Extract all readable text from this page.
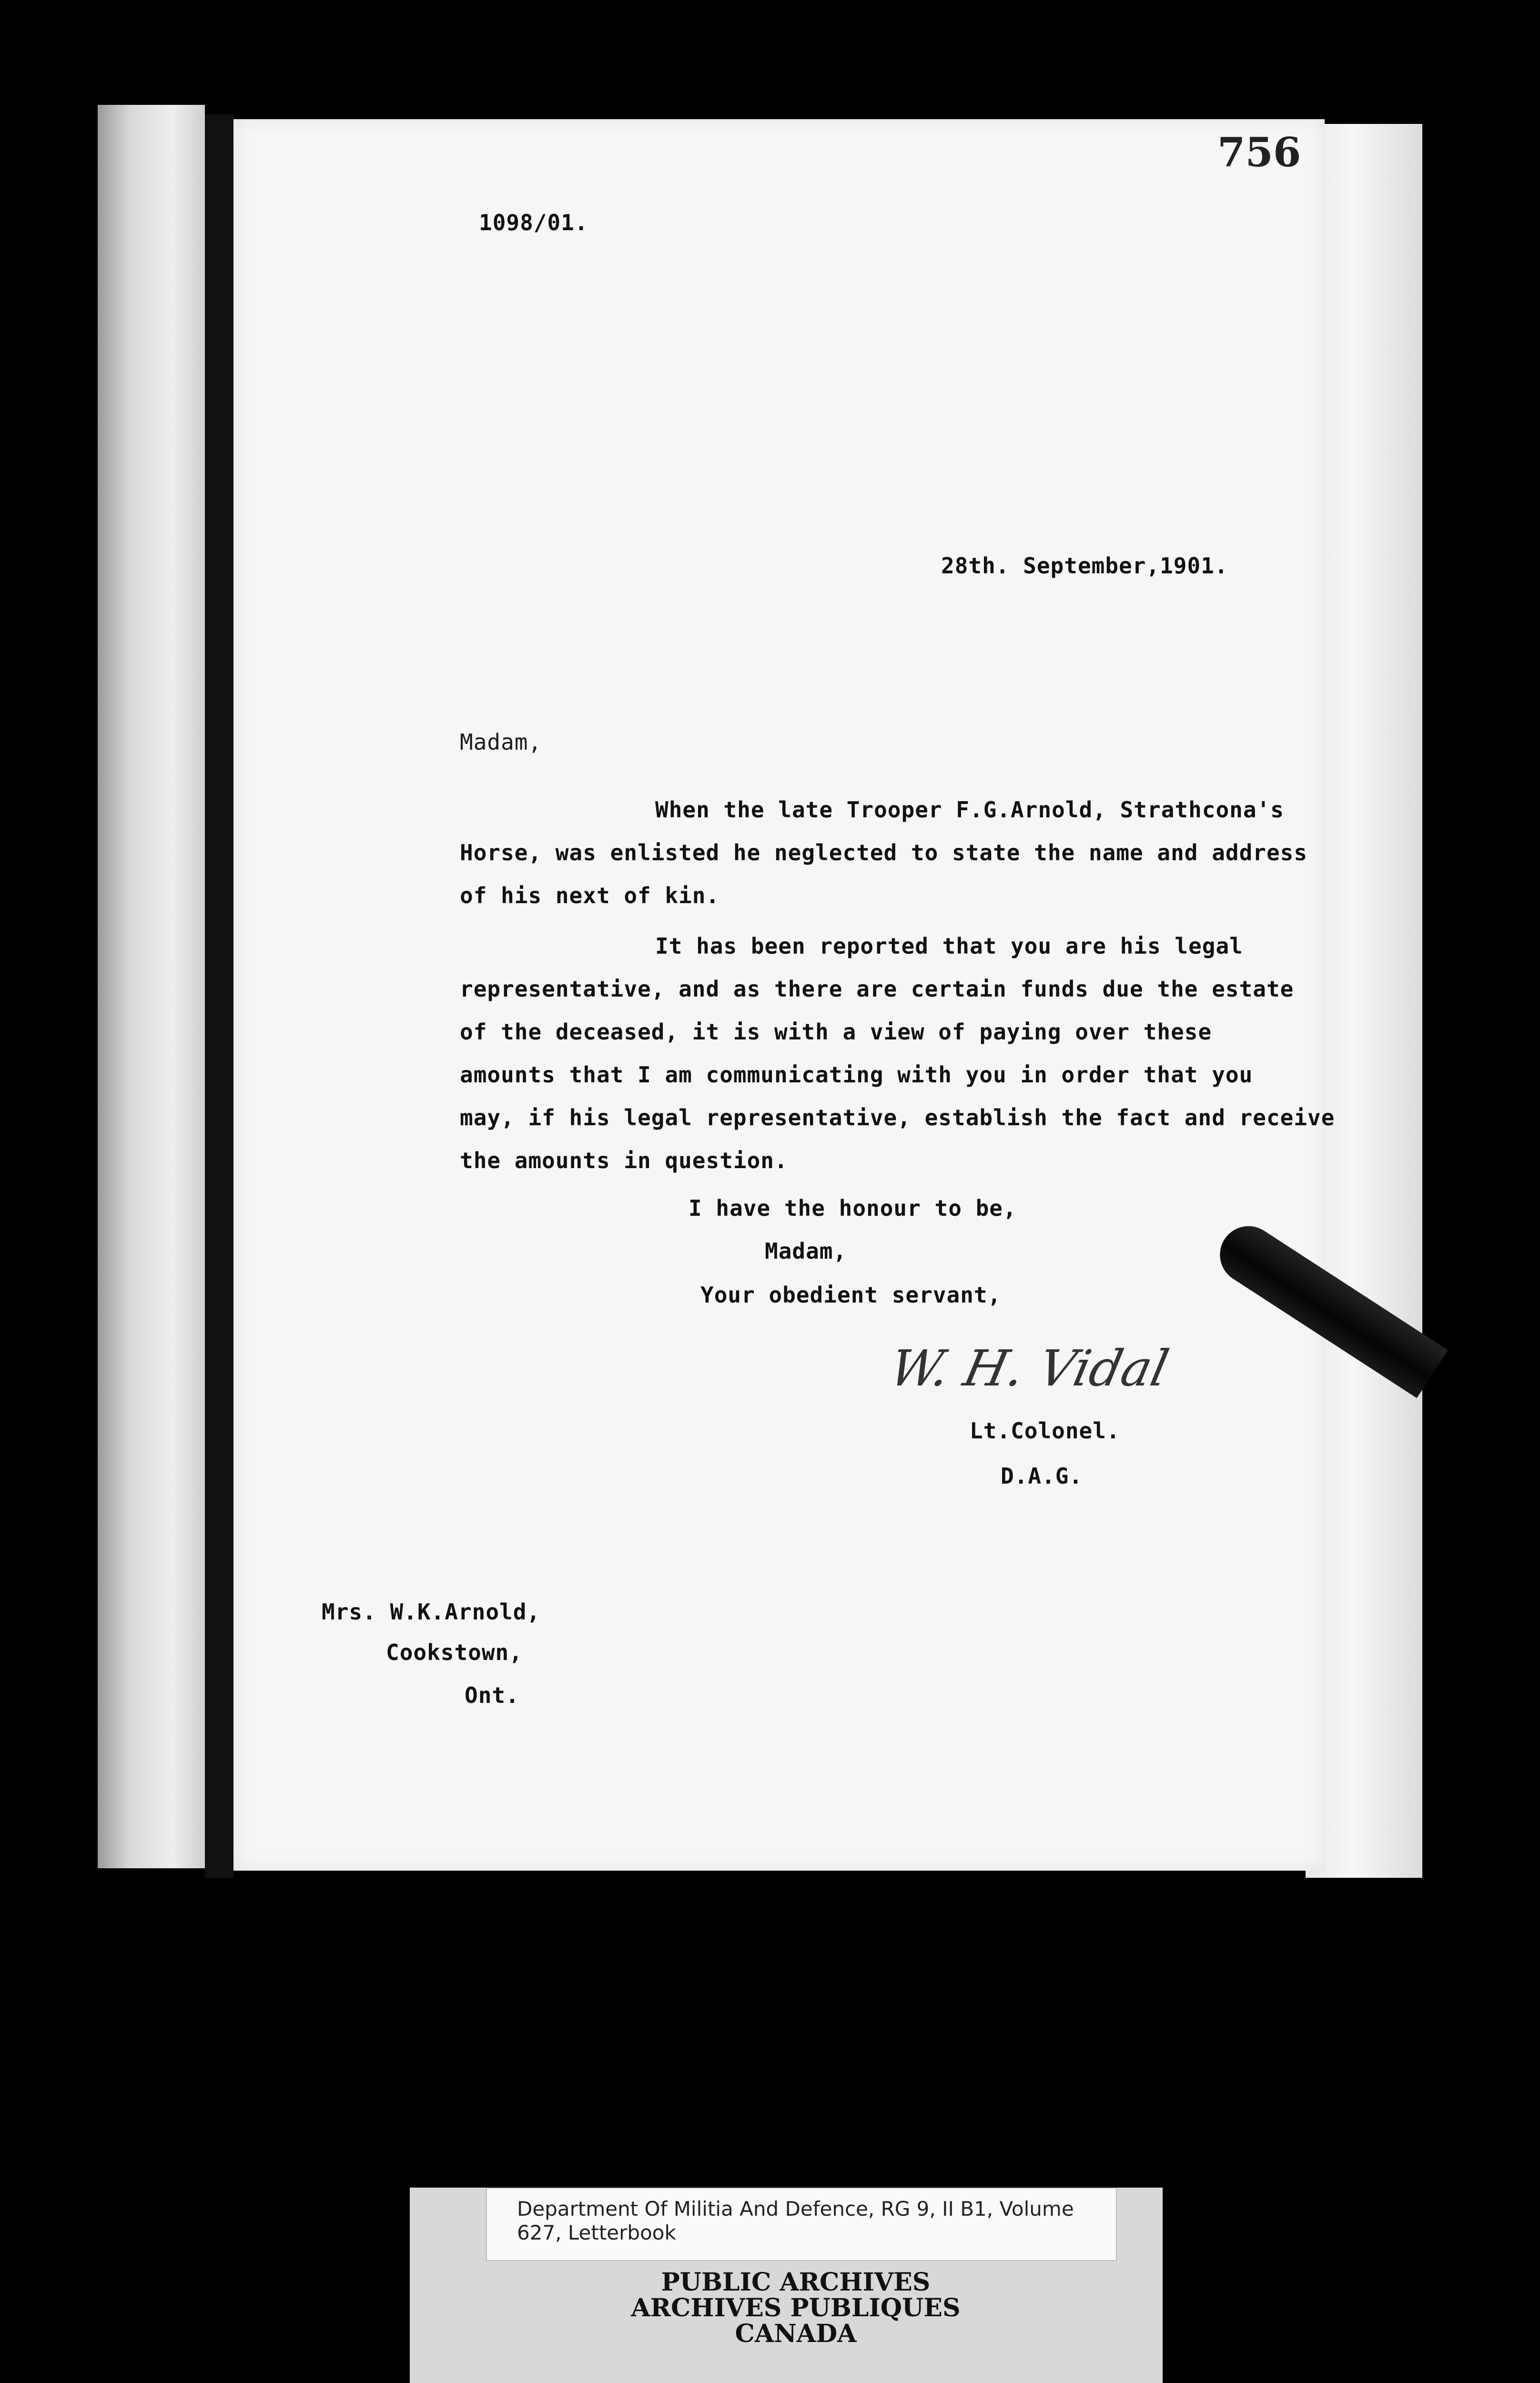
756

1098/01.

28th. September,1901.

Madam,

When the late Trooper F.G.Arnold, Strathcona's

Horse, was enlisted he neglected to state the name and address

of his next of kin.

It has been reported that you are his legal

representative, and as there are certain funds due the estate

of the deceased, it is with a view of paying over these

amounts that I am communicating with you in order that you

may, if his legal representative, establish the fact and receive

the amounts in question.

I have the honour to be,

Madam,

Your obedient servant,

W. H. Vidal

Lt.Colonel.

D.A.G.

Mrs. W.K.Arnold,

Cookstown,

Ont.

Department Of Militia And Defence, RG 9, II B1, Volume 627, Letterbook
PUBLIC ARCHIVES
ARCHIVES PUBLIQUES
CANADA
